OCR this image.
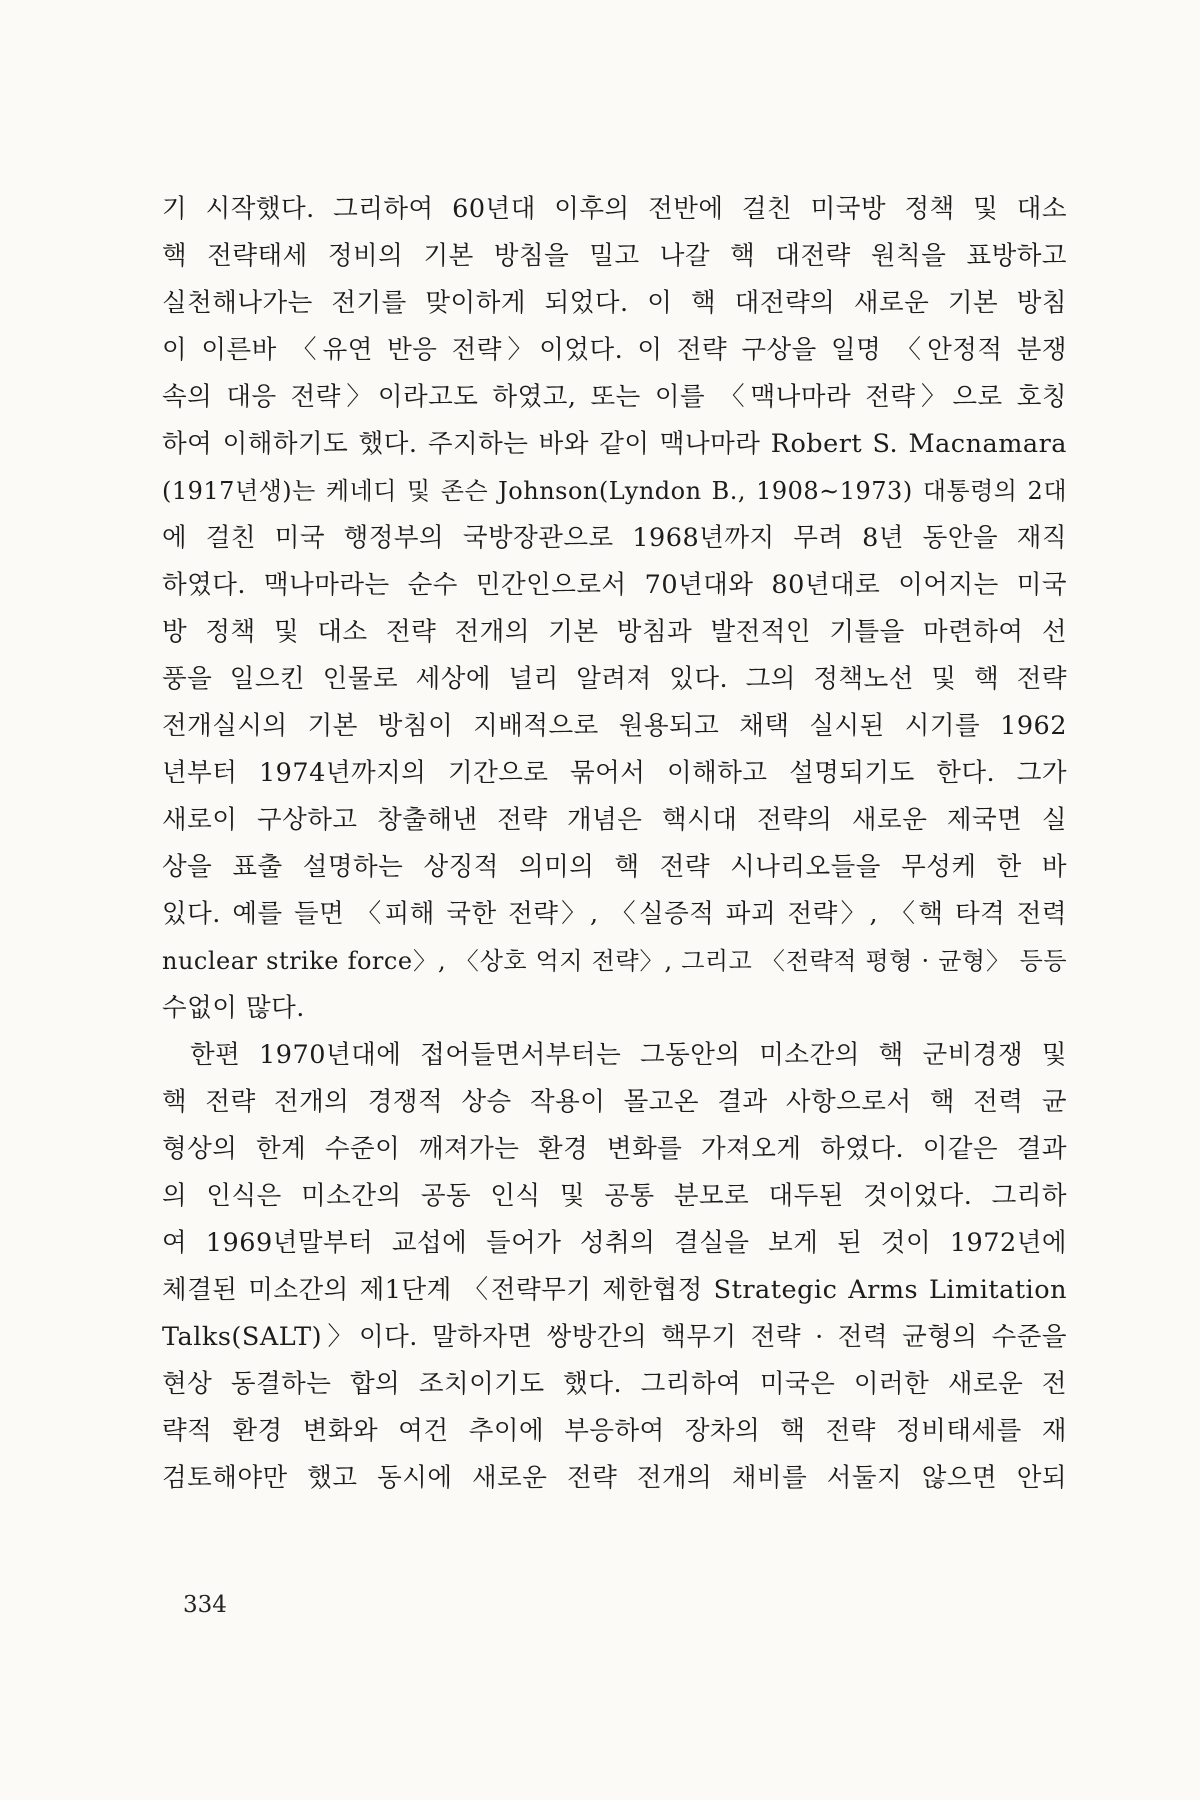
기 시작했다. 그리하여 60년대 이후의 전반에 걸친 미국방 정책 및 대소
핵 전략태세 정비의 기본 방침을 밀고 나갈 핵 대전략 원칙을 표방하고
실천해나가는 전기를 맞이하게 되었다. 이 핵 대전략의 새로운 기본 방침
이 이른바 〈유연 반응 전략〉이었다. 이 전략 구상을 일명 〈안정적 분쟁
속의 대응 전략〉이라고도 하였고, 또는 이를 〈맥나마라 전략〉으로 호칭
하여 이해하기도 했다. 주지하는 바와 같이 맥나마라 Robert S. Macnamara
(1917년생)는 케네디 및 존슨 Johnson(Lyndon B., 1908∼1973) 대통령의 2대
에 걸친 미국 행정부의 국방장관으로 1968년까지 무려 8년 동안을 재직
하였다. 맥나마라는 순수 민간인으로서 70년대와 80년대로 이어지는 미국
방 정책 및 대소 전략 전개의 기본 방침과 발전적인 기틀을 마련하여 선
풍을 일으킨 인물로 세상에 널리 알려져 있다. 그의 정책노선 및 핵 전략
전개실시의 기본 방침이 지배적으로 원용되고 채택 실시된 시기를 1962
년부터 1974년까지의 기간으로 묶어서 이해하고 설명되기도 한다. 그가
새로이 구상하고 창출해낸 전략 개념은 핵시대 전략의 새로운 제국면 실
상을 표출 설명하는 상징적 의미의 핵 전략 시나리오들을 무성케 한 바
있다. 예를 들면 〈피해 국한 전략〉, 〈실증적 파괴 전략〉, 〈핵 타격 전력
nuclear strike force〉, 〈상호 억지 전략〉, 그리고 〈전략적 평형 · 균형〉 등등
수없이 많다.
한편 1970년대에 접어들면서부터는 그동안의 미소간의 핵 군비경쟁 및
핵 전략 전개의 경쟁적 상승 작용이 몰고온 결과 사항으로서 핵 전력 균
형상의 한계 수준이 깨져가는 환경 변화를 가져오게 하였다. 이같은 결과
의 인식은 미소간의 공동 인식 및 공통 분모로 대두된 것이었다. 그리하
여 1969년말부터 교섭에 들어가 성취의 결실을 보게 된 것이 1972년에
체결된 미소간의 제1단계 〈전략무기 제한협정 Strategic Arms Limitation
Talks(SALT)〉이다. 말하자면 쌍방간의 핵무기 전략 · 전력 균형의 수준을
현상 동결하는 합의 조치이기도 했다. 그리하여 미국은 이러한 새로운 전
략적 환경 변화와 여건 추이에 부응하여 장차의 핵 전략 정비태세를 재
검토해야만 했고 동시에 새로운 전략 전개의 채비를 서둘지 않으면 안되
334
